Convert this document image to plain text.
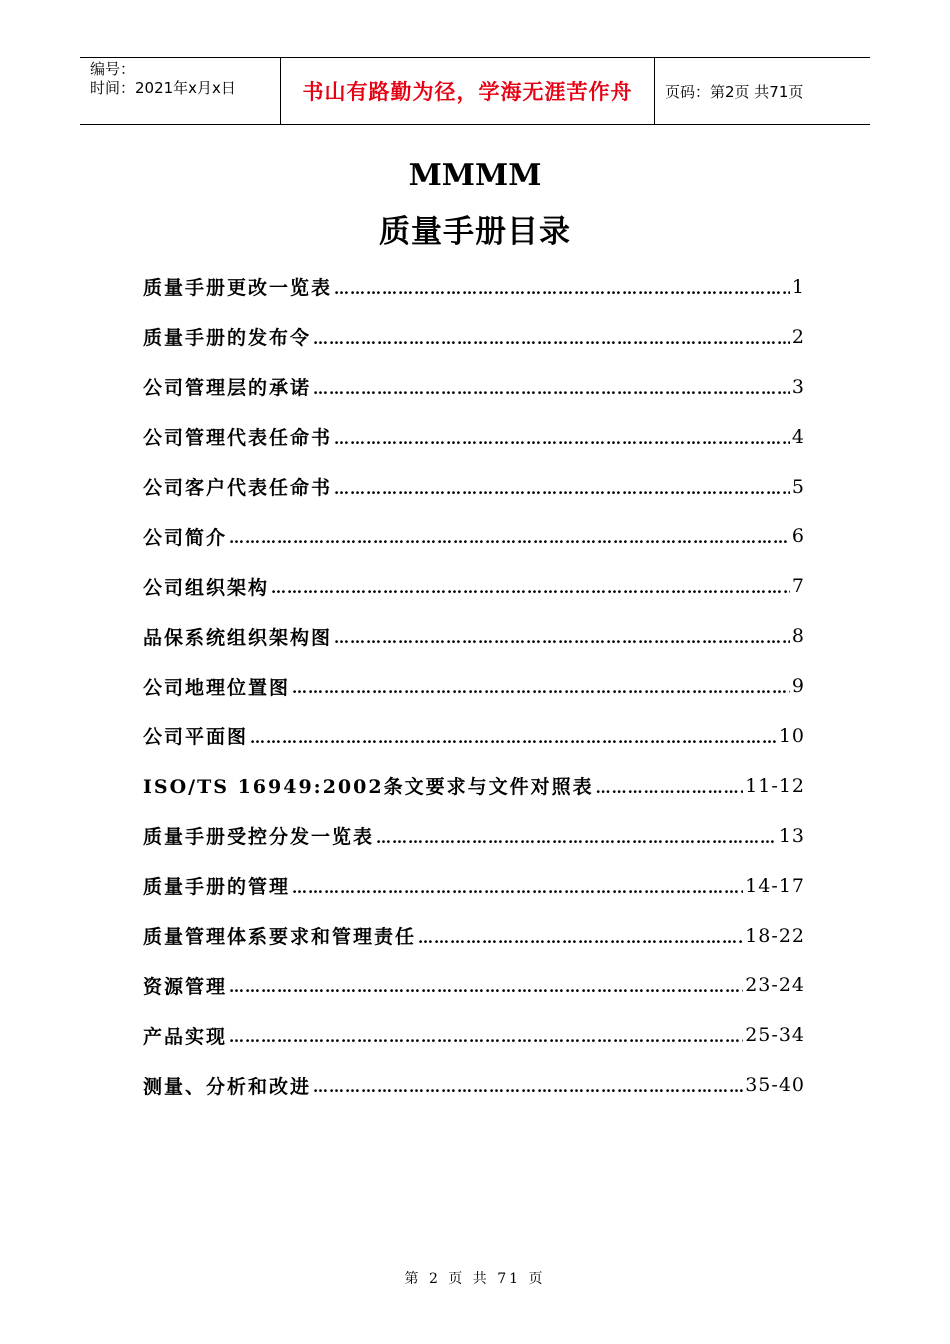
编号：
时间：2021年x月x日	书山有路勤为径，学海无涯苦作舟 页码：第2页 共71页
MMMM
质量手册目录
质量手册更改一览表 ……………………………………………………………………………………………………………………………………	1
质量手册的发布令 ……………………………………………………………………………………………………………………………………	2
公司管理层的承诺 ……………………………………………………………………………………………………………………………………	3
公司管理代表任命书 ……………………………………………………………………………………………………………………………………	4
公司客户代表任命书 ……………………………………………………………………………………………………………………………………	5
公司简介 ……………………………………………………………………………………………………………………………………	6
公司组织架构 ……………………………………………………………………………………………………………………………………	7
品保系统组织架构图 ……………………………………………………………………………………………………………………………………	8
公司地理位置图 ……………………………………………………………………………………………………………………………………	9
公司平面图 ……………………………………………………………………………………………………………………………………	10
ISO/TS 16949:2002条文要求与文件对照表 ……………………………………………………………………………………………………………………………………	11-12
质量手册受控分发一览表 ……………………………………………………………………………………………………………………………………	13
质量手册的管理 ……………………………………………………………………………………………………………………………………	14-17
质量管理体系要求和管理责任 ……………………………………………………………………………………………………………………………………	18-22
资源管理 ……………………………………………………………………………………………………………………………………	23-24
产品实现 ……………………………………………………………………………………………………………………………………	25-34
测量、分析和改进 ……………………………………………………………………………………………………………………………………	35-40
第 2 页 共 71 页
